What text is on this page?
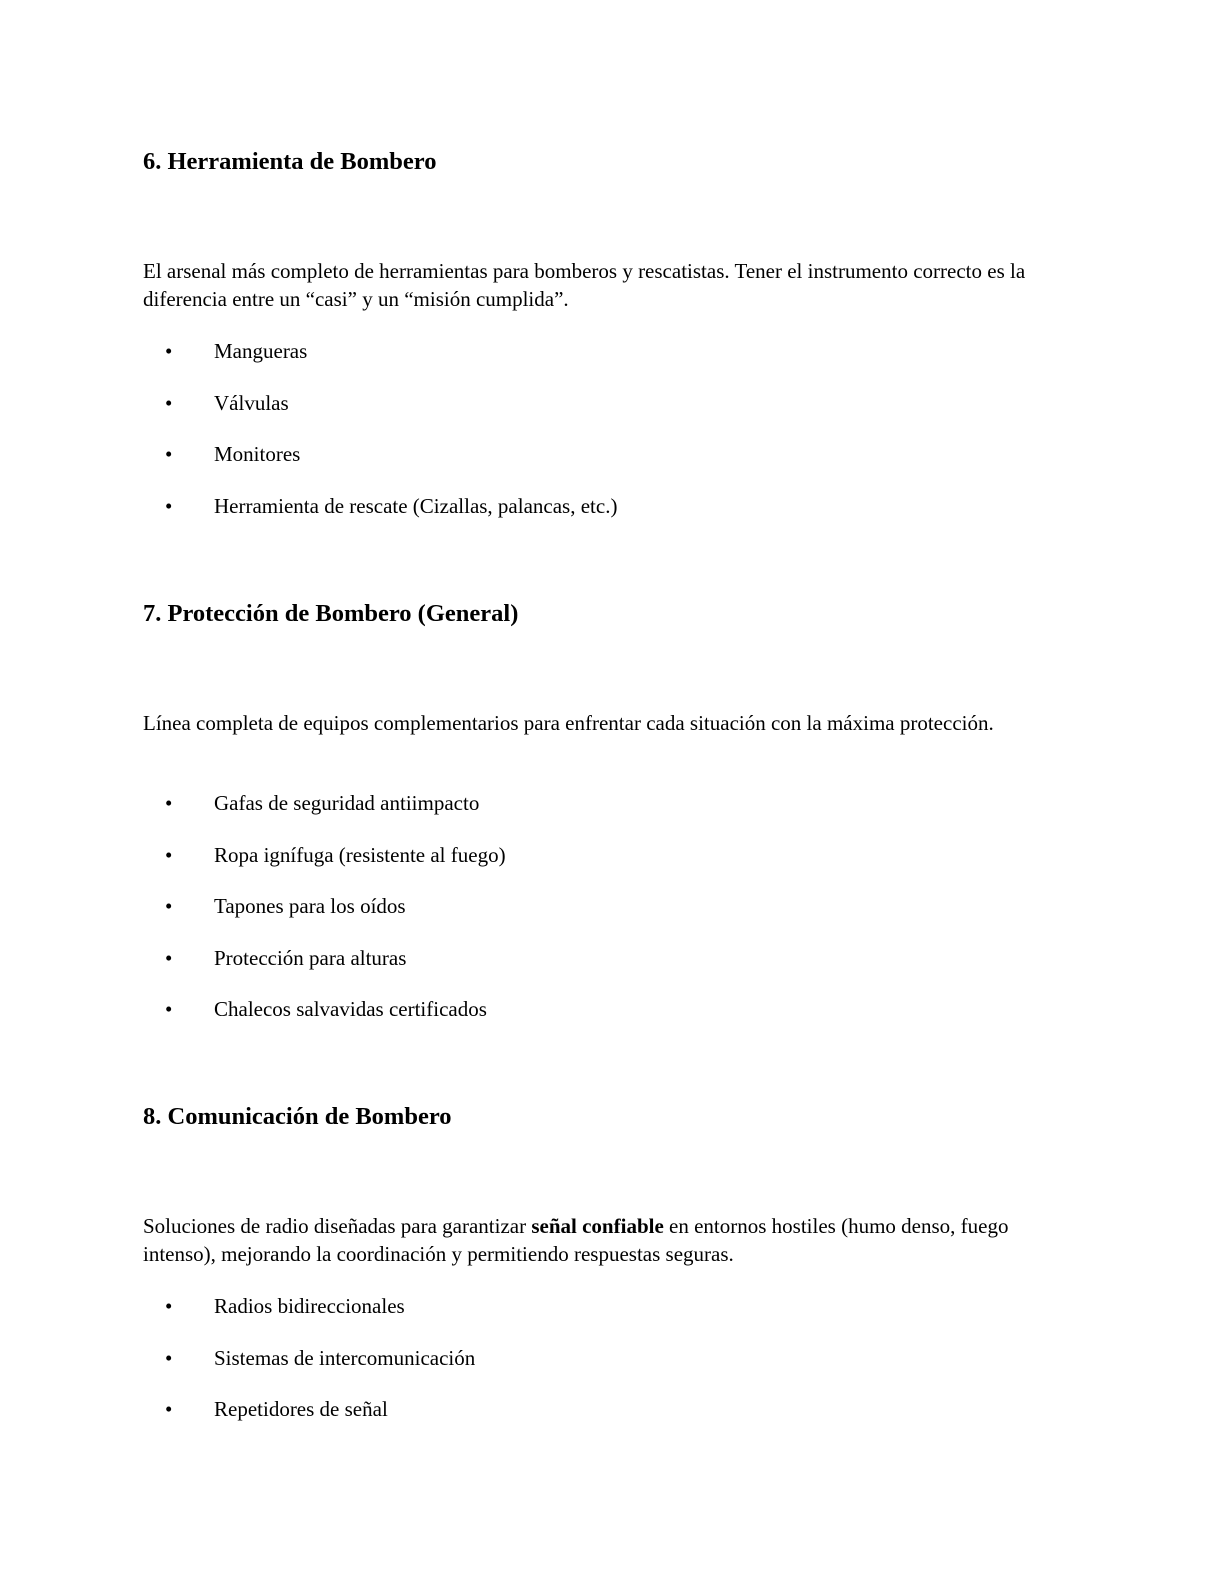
6. Herramienta de Bombero

El arsenal más completo de herramientas para bomberos y rescatistas. Tener el instrumento correcto es la diferencia entre un “casi” y un “misión cumplida”.

• Mangueras
• Válvulas
• Monitores
• Herramienta de rescate (Cizallas, palancas, etc.)
7. Protección de Bombero (General)

Línea completa de equipos complementarios para enfrentar cada situación con la máxima protección.

• Gafas de seguridad antiimpacto
• Ropa ignífuga (resistente al fuego)
• Tapones para los oídos
• Protección para alturas
• Chalecos salvavidas certificados
8. Comunicación de Bombero

Soluciones de radio diseñadas para garantizar señal confiable en entornos hostiles (humo denso, fuego intenso), mejorando la coordinación y permitiendo respuestas seguras.

• Radios bidireccionales
• Sistemas de intercomunicación
• Repetidores de señal
